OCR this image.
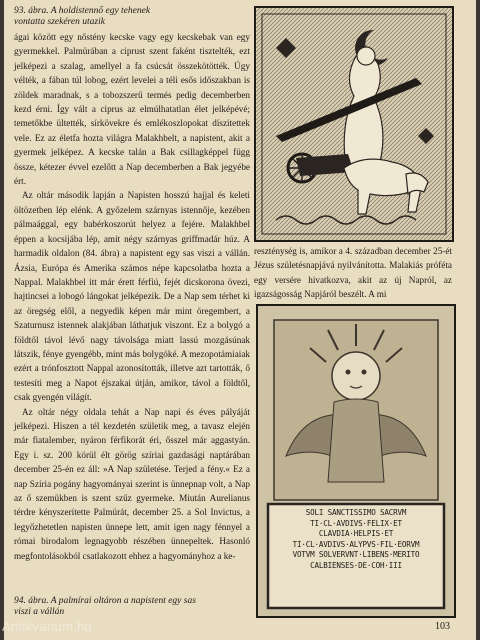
93. ábra. A holdistennő egy tehenek vontatta szekéren utazik

ágai között egy nőstény kecske vagy egy kecskebak van egy gyermekkel. Palmürában a ciprust szent faként tisztelték, ezt jelképezi a szalag, amellyel a fa csúcsát összekötötték. Úgy vélték, a fában túl lobog, ezért levelei a téli esős időszakban is zöldek maradnak, s a tobozszerű termés pedig decemberben kezd érni. Így vált a ciprus az elmúlhatatlan élet jelképévé; temetőkbe ültették, sírkövekre és emlékoszlopokat díszítettek vele. Ez az életfa hozta világra Malakhbelt, a napistent, akit a gyermek jelképez. A kecske talán a Bak csillagképpel függ össze, kétezer évvel ezelőtt a Nap decemberben a Bak jegyébe ért.

Az oltár második lapján a Napisten hosszú hajjal és keleti öltözetben lép elénk. A győzelem szárnyas istennője, kezében pálmaággal, egy babérkoszorút helyez a fejére. Malakhbel éppen a kocsijába lép, amit négy szárnyas griffmadár húz. A harmadik oldalon (84. ábra) a napistent egy sas viszi a vállán. Ázsia, Európa és Amerika számos népe kapcsolatba hozta a Nappal. Malakhbel itt már érett férfiú, fejét dicskorona övezi, hajtincsei a lobogó lángokat jelképezik. De a Nap sem térhet ki az öregség elől, a negyedik képen már mint öregembert, a Szaturnusz istennek alakjában láthatjuk viszont. Ez a bolygó a földtől távol lévő nagy távolsága miatt lassú mozgásúnak látszik, fénye gyengébb, mint más bolygóké. A mezopotámiaiak ezért a trónfosztott Nappal azonosították, illetve azt tartották, ő testesíti meg a Napot éjszakai útján, amikor, távol a földtől, csak gyengén világít.

Az oltár négy oldala tehát a Nap napi és éves pályáját jelképezi. Hiszen a tél kezdetén születik meg, a tavasz elején már fiatalember, nyáron férfikorát éri, ősszel már aggastyán. Egy i. sz. 200 körül élt görög szíriai gazdasági naptárában december 25-én ez áll: »A Nap születése. Terjed a fény.« Ez a nap Szíria pogány hagyományai szerint is ünnepnap volt, a Nap az ő szemükben is szent szűz gyermeke. Miután Aurelianus térdre kényszerítette Palmürát, december 25. a Sol Invictus, a legyőzhetetlen napisten ünnepe lett, amit igen nagy fénnyel a római birodalom legnagyobb részében ünnepeltek. Hasonló megfontolásokból csatlakozott ehhez a hagyományhoz a ke-

reszténység is, amikor a 4. században december 25-ét Jézus születésnapjává nyilvánította. Malakiás próféta egy versére hivatkozva, akit az új Napról, az igazságosság Napjáról beszélt. A mi

SOLI SANCTISSIMO SACRVM
TI·CL·AVDIVS·FELIX·ET
CLAVDIA·HELPIS·ET
TI·CL·AVDIVS·ALYPVS·FIL·EORVM
VOTVM SOLVERVNT·LIBENS·MERITO
CALBIENSES·DE·COH·III
94. ábra. A palmírai oltáron a napistent egy sas viszi a vállán
103
Antikvarium.hu
